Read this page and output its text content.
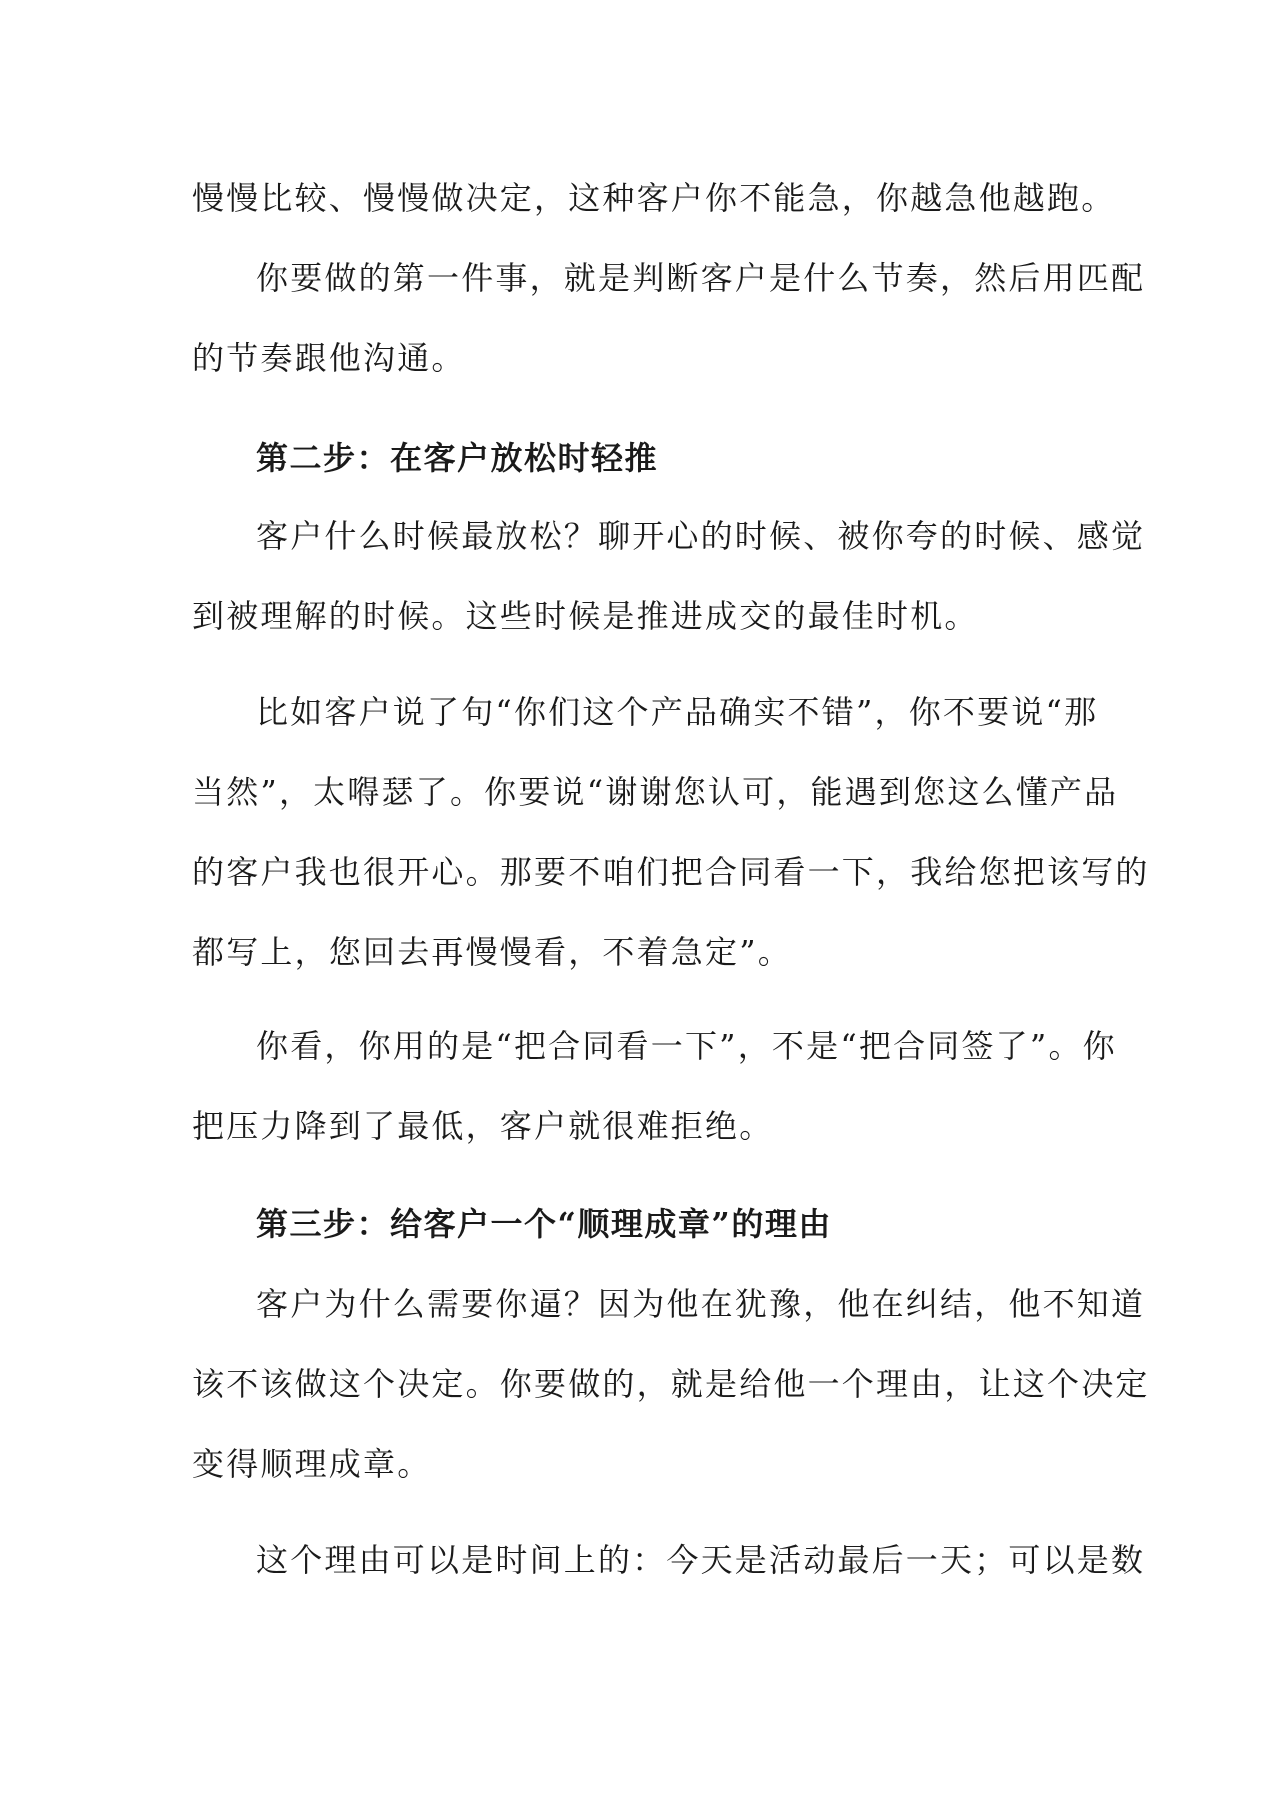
慢慢比较、慢慢做决定，这种客户你不能急，你越急他越跑。
你要做的第一件事，就是判断客户是什么节奏，然后用匹配
的节奏跟他沟通。
第二步：在客户放松时轻推
客户什么时候最放松？聊开心的时候、被你夸的时候、感觉
到被理解的时候。这些时候是推进成交的最佳时机。
比如客户说了句“你们这个产品确实不错”，你不要说“那
当然”，太嘚瑟了。你要说“谢谢您认可，能遇到您这么懂产品
的客户我也很开心。那要不咱们把合同看一下，我给您把该写的
都写上，您回去再慢慢看，不着急定”。
你看，你用的是“把合同看一下”，不是“把合同签了”。你
把压力降到了最低，客户就很难拒绝。
第三步：给客户一个“顺理成章”的理由
客户为什么需要你逼？因为他在犹豫，他在纠结，他不知道
该不该做这个决定。你要做的，就是给他一个理由，让这个决定
变得顺理成章。
这个理由可以是时间上的：今天是活动最后一天；可以是数
